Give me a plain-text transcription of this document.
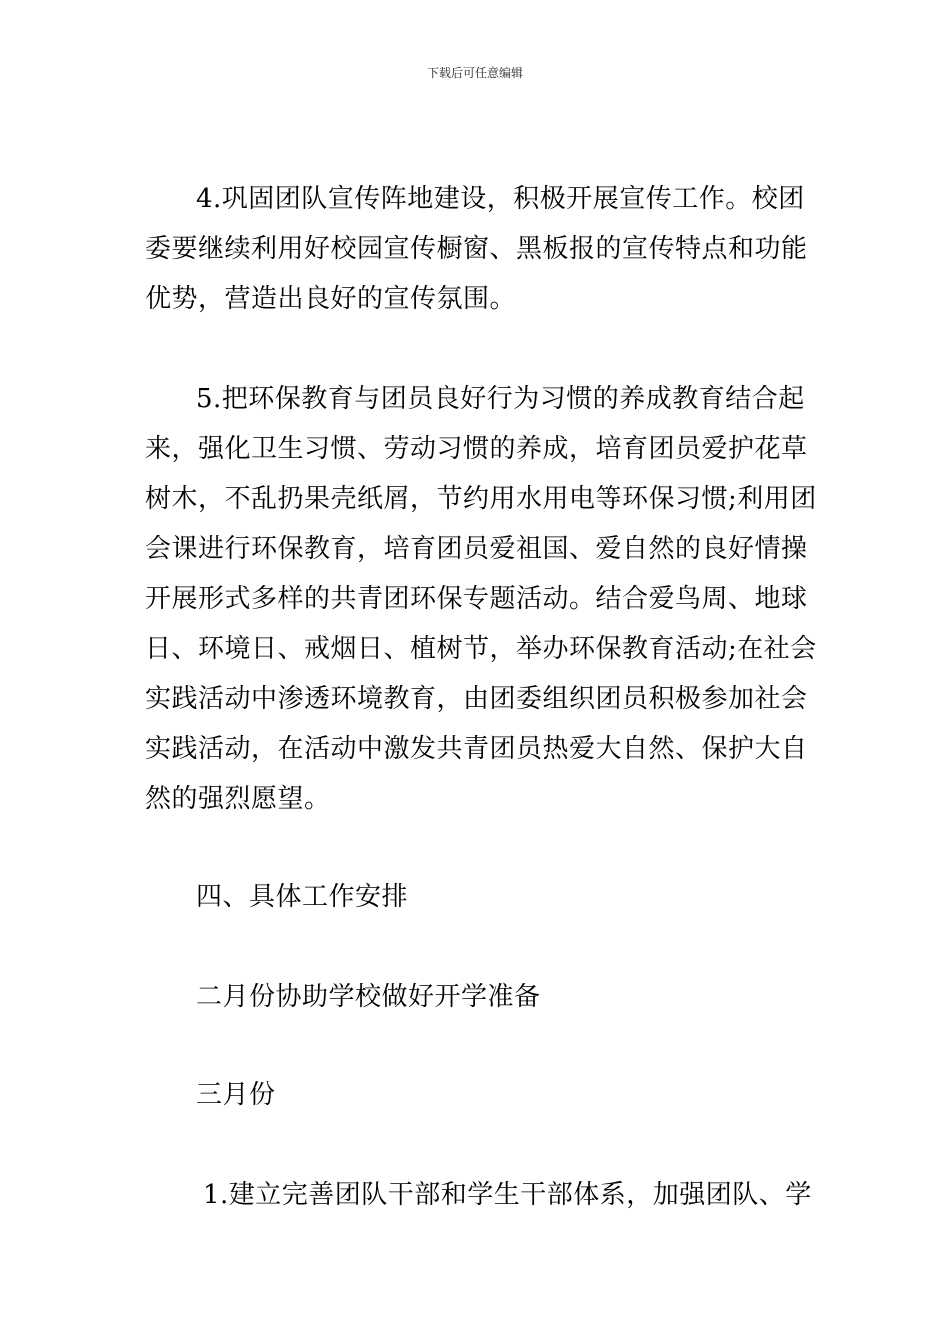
下载后可任意编辑
4.巩固团队宣传阵地建设，积极开展宣传工作。校团
委要继续利用好校园宣传橱窗、黑板报的宣传特点和功能
优势，营造出良好的宣传氛围。
5.把环保教育与团员良好行为习惯的养成教育结合起
来，强化卫生习惯、劳动习惯的养成，培育团员爱护花草
树木，不乱扔果壳纸屑，节约用水用电等环保习惯;利用团
会课进行环保教育，培育团员爱祖国、爱自然的良好情操
开展形式多样的共青团环保专题活动。结合爱鸟周、地球
日、环境日、戒烟日、植树节，举办环保教育活动;在社会
实践活动中渗透环境教育，由团委组织团员积极参加社会
实践活动，在活动中激发共青团员热爱大自然、保护大自
然的强烈愿望。
四、具体工作安排
二月份协助学校做好开学准备
三月份
1.建立完善团队干部和学生干部体系，加强团队、学
